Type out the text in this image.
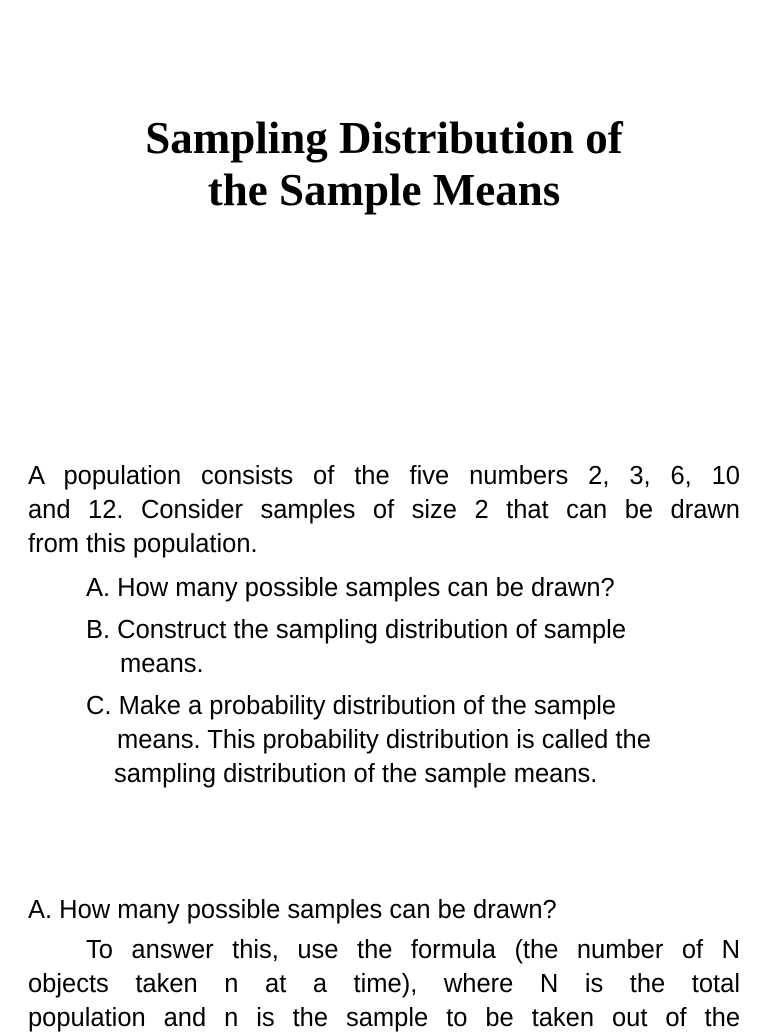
Sampling Distribution of
the Sample Means
A population consists of the five numbers 2, 3, 6, 10
and 12. Consider samples of size 2 that can be drawn
from this population.
A. How many possible samples can be drawn?
B. Construct the sampling distribution of sample
means.
C. Make a probability distribution of the sample
means. This probability distribution is called the
sampling distribution of the sample means.
A. How many possible samples can be drawn?
To answer this, use the formula (the number of N
objects taken n at a time), where N is the total
population and n is the sample to be taken out of the
